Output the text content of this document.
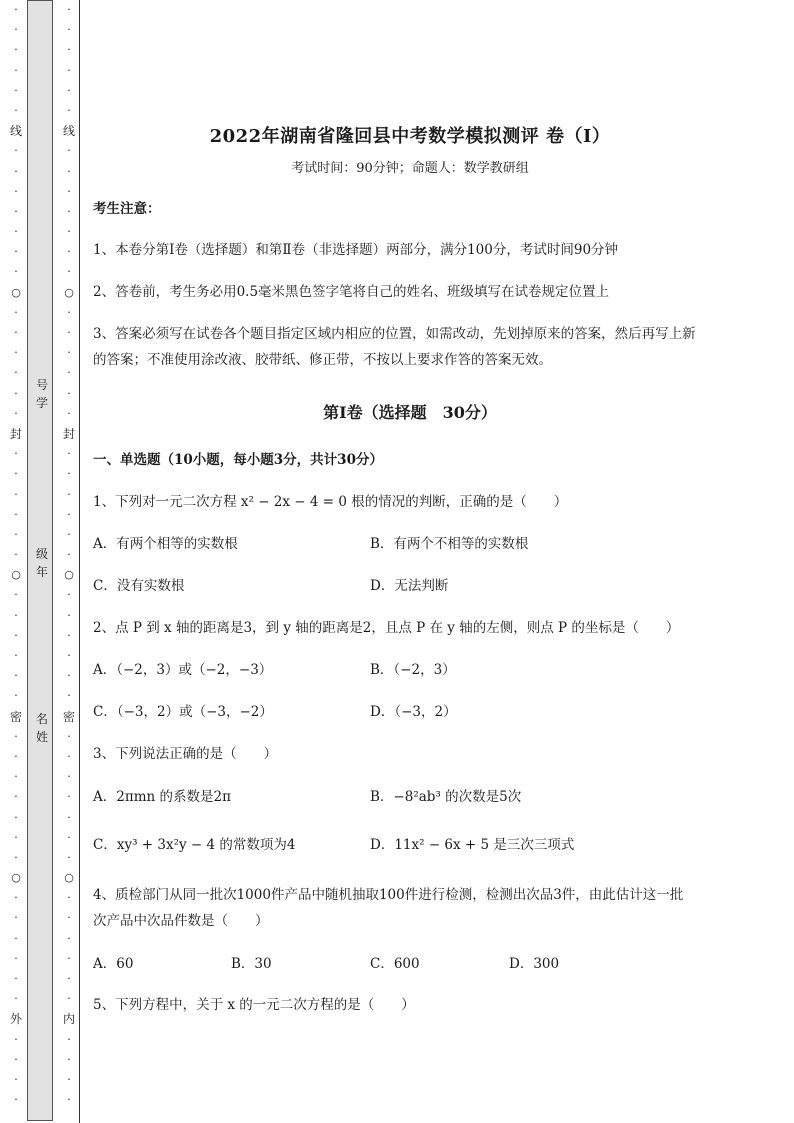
·
·
·
·
·
·
线
·
·
·
·
·
·
·
○
·
·
·
·
·
·
封
·
·
·
·
·
·
○
·
·
·
·
·
·
密
·
·
·
·
·
·
·
○
·
·
·
·
·
·
外
·
·
·
·
·
·
·
·
·
·
线
·
·
·
·
·
·
·
○
·
·
·
·
·
·
封
·
·
·
·
·
·
○
·
·
·
·
·
·
密
·
·
·
·
·
·
·
○
·
·
·
·
·
·
内
·
·
·
·
号
学
级
年
名
姓
2022年湖南省隆回县中考数学模拟测评 卷（Ⅰ）
考试时间：90分钟；命题人：数学教研组
考生注意：
1、本卷分第Ⅰ卷（选择题）和第Ⅱ卷（非选择题）两部分，满分100分，考试时间90分钟
2、答卷前，考生务必用0.5毫米黑色签字笔将自己的姓名、班级填写在试卷规定位置上
3、答案必须写在试卷各个题目指定区域内相应的位置，如需改动，先划掉原来的答案，然后再写上新
的答案；不准使用涂改液、胶带纸、修正带，不按以上要求作答的答案无效。
第Ⅰ卷（选择题　30分）
一、单选题（10小题，每小题3分，共计30分）
1、下列对一元二次方程 x² − 2x − 4 = 0 根的情况的判断，正确的是（　　）
A．有两个相等的实数根	B．有两个不相等的实数根
C．没有实数根	D．无法判断
2、点 P 到 x 轴的距离是3，到 y 轴的距离是2，且点 P 在 y 轴的左侧，则点 P 的坐标是（　　）
A．（−2，3）或（−2，−3）	B．（−2，3）
C．（−3，2）或（−3，−2）	D．（−3，2）
3、下列说法正确的是（　　）
A．2πmn 的系数是2π	B．−8²ab³ 的次数是5次
C．xy³ + 3x²y − 4 的常数项为4	D．11x² − 6x + 5 是三次三项式
4、质检部门从同一批次1000件产品中随机抽取100件进行检测，检测出次品3件，由此估计这一批
次产品中次品件数是（　　）
A．60	B．30	C．600	D．300
5、下列方程中，关于 x 的一元二次方程的是（　　）
